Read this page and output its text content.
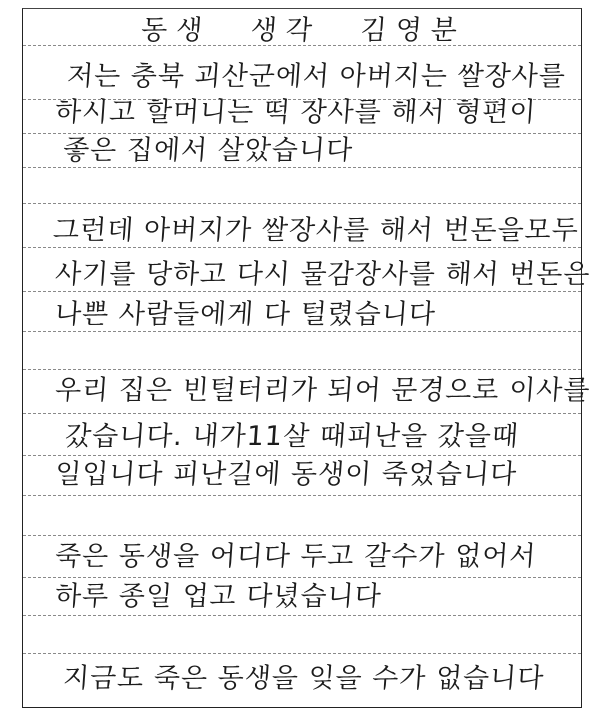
동생 생각 김영분
저는 충북 괴산군에서 아버지는 쌀장사를
하시고 할머니는 떡 장사를 해서 형편이
좋은 집에서 살았습니다
그런데 아버지가 쌀장사를 해서 번돈을모두
사기를 당하고 다시 물감장사를 해서 번돈은
나쁜 사람들에게 다 털렸습니다
우리 집은 빈털터리가 되어 문경으로 이사를
갔습니다. 내가11살 때피난을 갔을때
일입니다 피난길에 동생이 죽었습니다
죽은 동생을 어디다 두고 갈수가 없어서
하루 종일 업고 다녔습니다
지금도 죽은 동생을 잊을 수가 없습니다
